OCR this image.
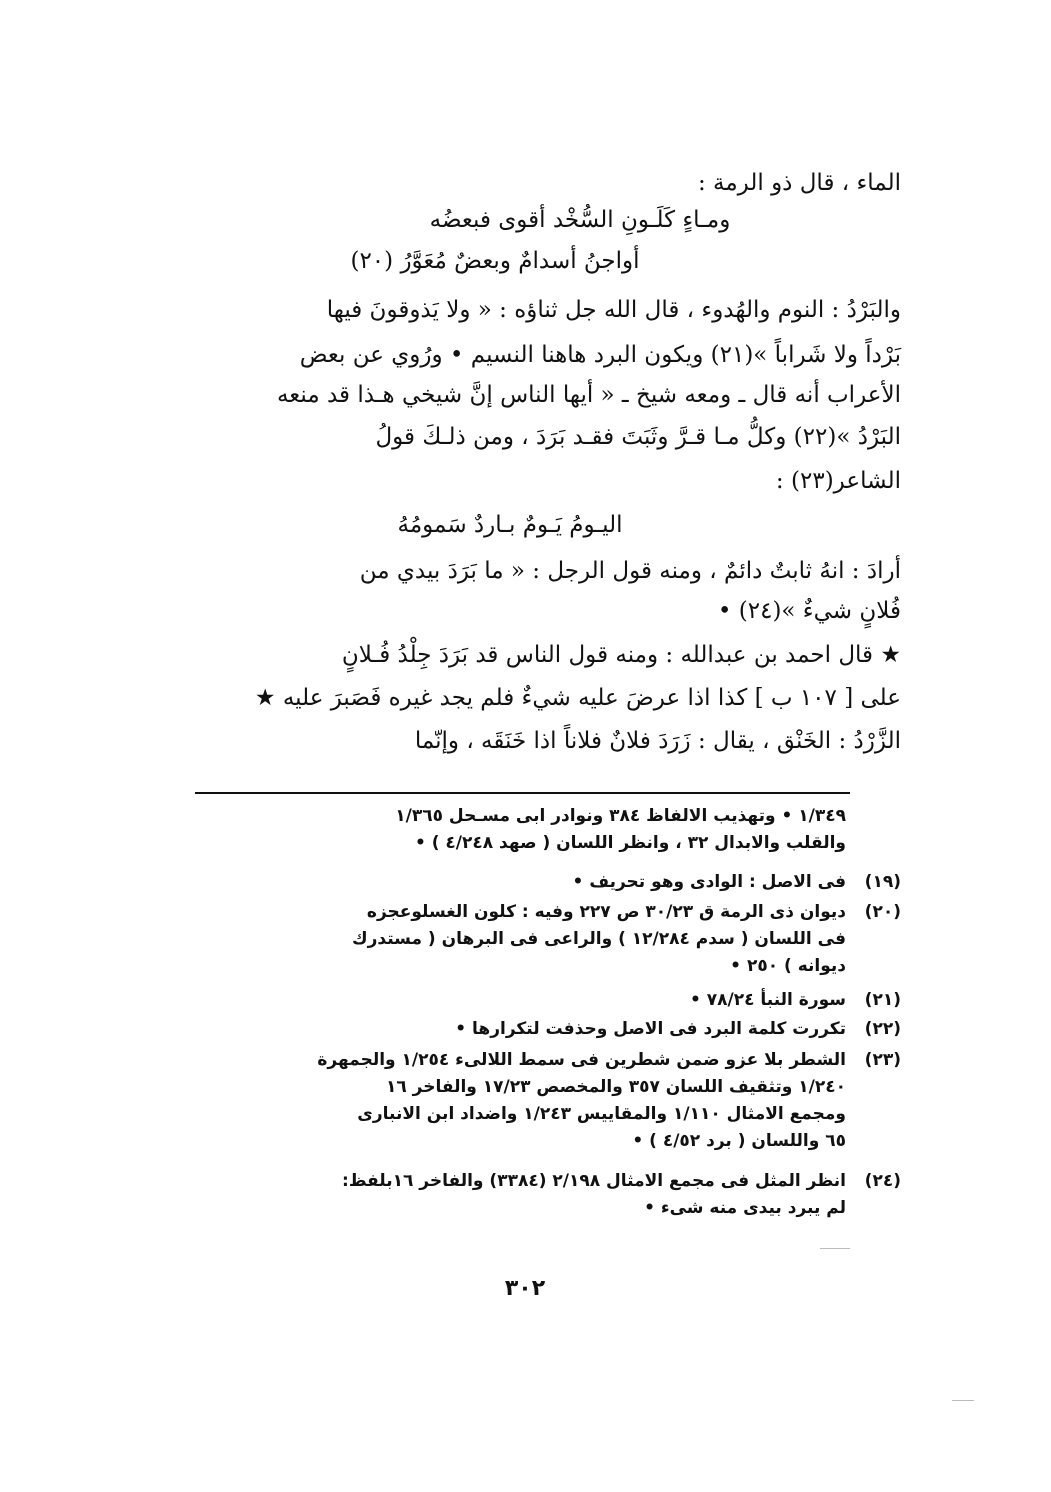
الماء ، قال ذو الرمة :
ومـاءٍ كَلَـونِ السُّخْد أقوى فبعضُه
أواجنُ أسدامٌ وبعضٌ مُعَوَّرُ (٢٠)
والبَرْدُ : النوم والهُدوء ، قال الله جل ثناؤه : « ولا يَذوقونَ فيها
بَرْداً ولا شَراباً »(٢١) ويكون البرد هاهنا النسيم • ورُوي عن بعض
الأعراب أنه قال ـ ومعه شيخ ـ « أيها الناس إنَّ شيخي هـذا قد منعه
البَرْدُ »(٢٢) وكلُّ مـا قـرَّ وثَبَتَ فقـد بَرَدَ ، ومن ذلـكَ قولُ
الشاعر(٢٣) :
اليـومُ يَـومٌ بـاردٌ سَمومُهُ
أرادَ : انهُ ثابتٌ دائمٌ ، ومنه قول الرجل : « ما بَرَدَ بيدي من
فُلانٍ شيءٌ »(٢٤) •
★ قال احمد بن عبدالله : ومنه قول الناس قد بَرَدَ جِلْدُ فُـلانٍ
على [ ١٠٧ ب ] كذا اذا عرضَ عليه شيءٌ فلم يجد غيره فَصَبرَ عليه ★
الزَّرْدُ : الخَنْق ، يقال : زَرَدَ فلانٌ فلاناً اذا خَنَقَه ، وإنّما
١/٣٤٩ • وتهذيب الالفاظ ٣٨٤ ونوادر ابى مسـحل ١/٣٦٥
والقلب والابدال ٣٢ ، وانظر اللسان ( صهد ٤/٢٤٨ ) •
(١٩)
فى الاصل : الوادى وهو تحريف •
(٢٠)
ديوان ذى الرمة ق ٣٠/٢٣ ص ٢٢٧ وفيه : كلون الغسلوعجزه
فى اللسان ( سدم ١٢/٢٨٤ ) والراعى فى البرهان ( مستدرك
ديوانه ) ٢٥٠ •
(٢١)
سورة النبأ ٧٨/٢٤ •
(٢٢)
تكررت كلمة البرد فى الاصل وحذفت لتكرارها •
(٢٣)
الشطر بلا عزو ضمن شطرين فى سمط اللالىء ١/٢٥٤ والجمهرة
١/٢٤٠ وتثقيف اللسان ٣٥٧ والمخصص ١٧/٢٣ والفاخر ١٦
ومجمع الامثال ١/١١٠ والمقاييس ١/٢٤٣ واضداد ابن الانبارى
٦٥ واللسان ( برد ٤/٥٢ ) •
(٢٤)
انظر المثل فى مجمع الامثال ٢/١٩٨ (٣٣٨٤) والفاخر ١٦بلفظ:
لم يبرد بيدى منه شىء •
٣٠٢
